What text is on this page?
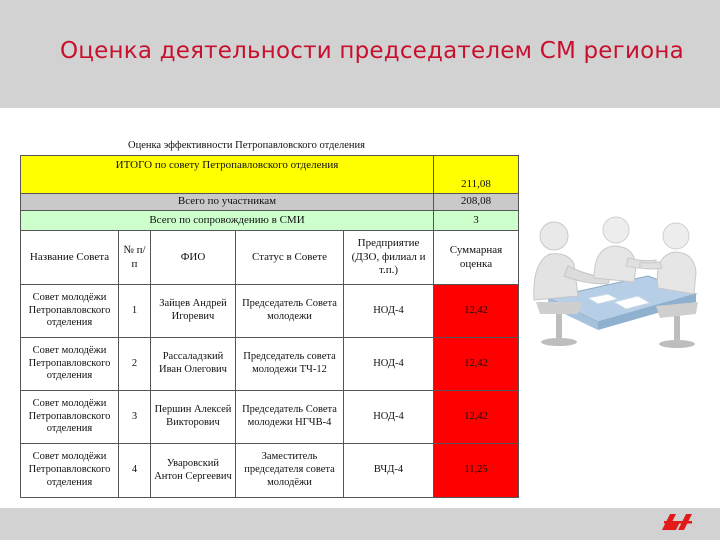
Оценка деятельности председателем СМ региона
Оценка эффективности Петропавловского отделения
ИТОГО по совету Петропавловского отделения					211,08
Всего по участникам					208,08
Всего по сопровождению в СМИ					3
Название Совета	№ п/п	ФИО	Статус в Совете	Предприятие (ДЗО, филиал и т.п.)	Суммарная оценка
Совет молодёжи Петропавловского отделения	1	Зайцев Андрей Игоревич	Председатель Совета молодежи	НОД-4	12,42
Совет молодёжи Петропавловского отделения	2	Рассаладзкий Иван Олегович	Председатель совета молодежи ТЧ-12	НОД-4	12,42
Совет молодёжи Петропавловского отделения	3	Першин Алексей Викторович	Председатель Совета молодежи НГЧВ-4	НОД-4	12,42
Совет молодёжи Петропавловского отделения	4	Уваровский Антон Сергеевич	Заместитель председателя совета молодёжи	ВЧД-4	11,25
